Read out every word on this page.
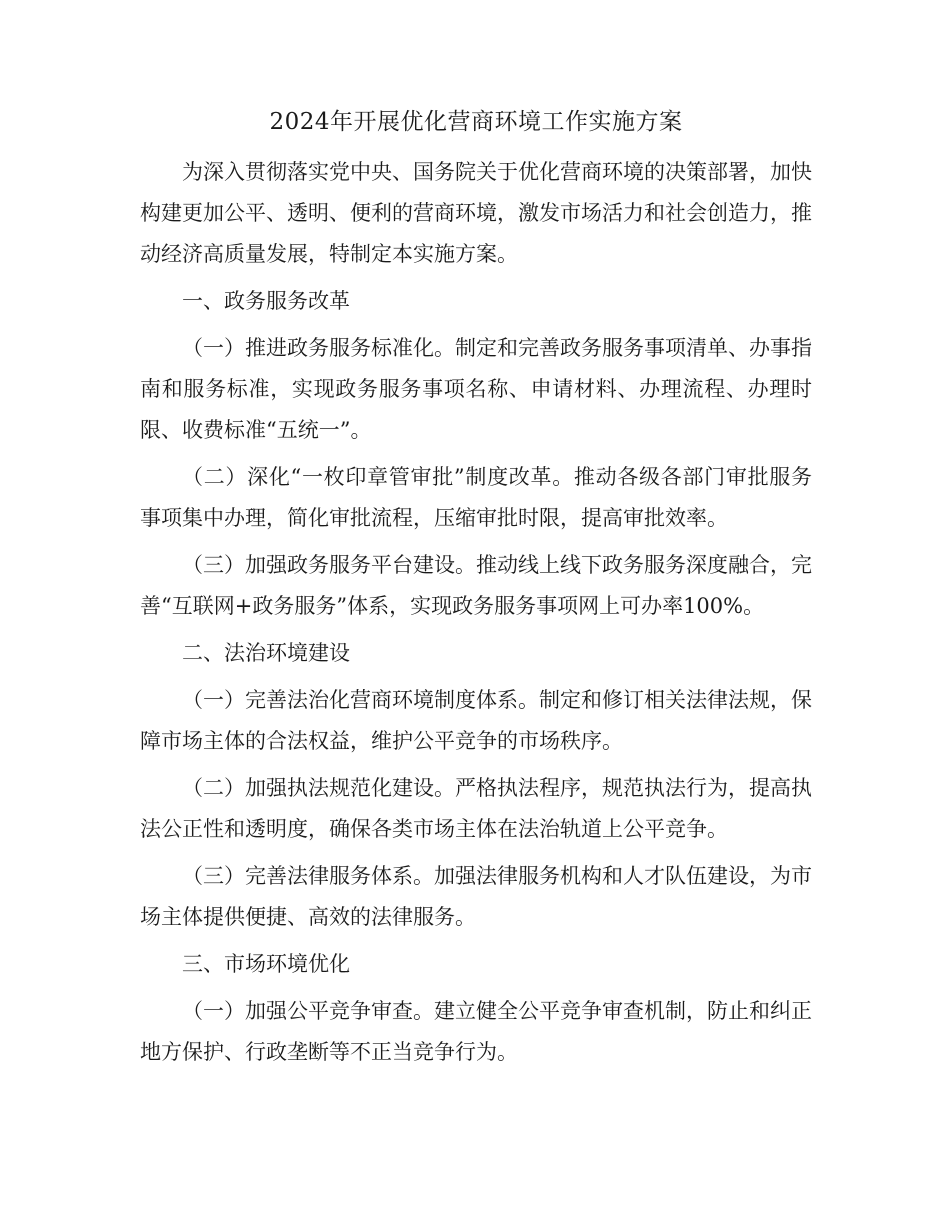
2024年开展优化营商环境工作实施方案

为深入贯彻落实党中央、国务院关于优化营商环境的决策部署，加快构建更加公平、透明、便利的营商环境，激发市场活力和社会创造力，推动经济高质量发展，特制定本实施方案。

一、政务服务改革

（一）推进政务服务标准化。制定和完善政务服务事项清单、办事指南和服务标准，实现政务服务事项名称、申请材料、办理流程、办理时限、收费标准“五统一”。

（二）深化“一枚印章管审批”制度改革。推动各级各部门审批服务事项集中办理，简化审批流程，压缩审批时限，提高审批效率。

（三）加强政务服务平台建设。推动线上线下政务服务深度融合，完善“互联网+政务服务”体系，实现政务服务事项网上可办率100%。

二、法治环境建设

（一）完善法治化营商环境制度体系。制定和修订相关法律法规，保障市场主体的合法权益，维护公平竞争的市场秩序。

（二）加强执法规范化建设。严格执法程序，规范执法行为，提高执法公正性和透明度，确保各类市场主体在法治轨道上公平竞争。

（三）完善法律服务体系。加强法律服务机构和人才队伍建设，为市场主体提供便捷、高效的法律服务。

三、市场环境优化

（一）加强公平竞争审查。建立健全公平竞争审查机制，防止和纠正地方保护、行政垄断等不正当竞争行为。
